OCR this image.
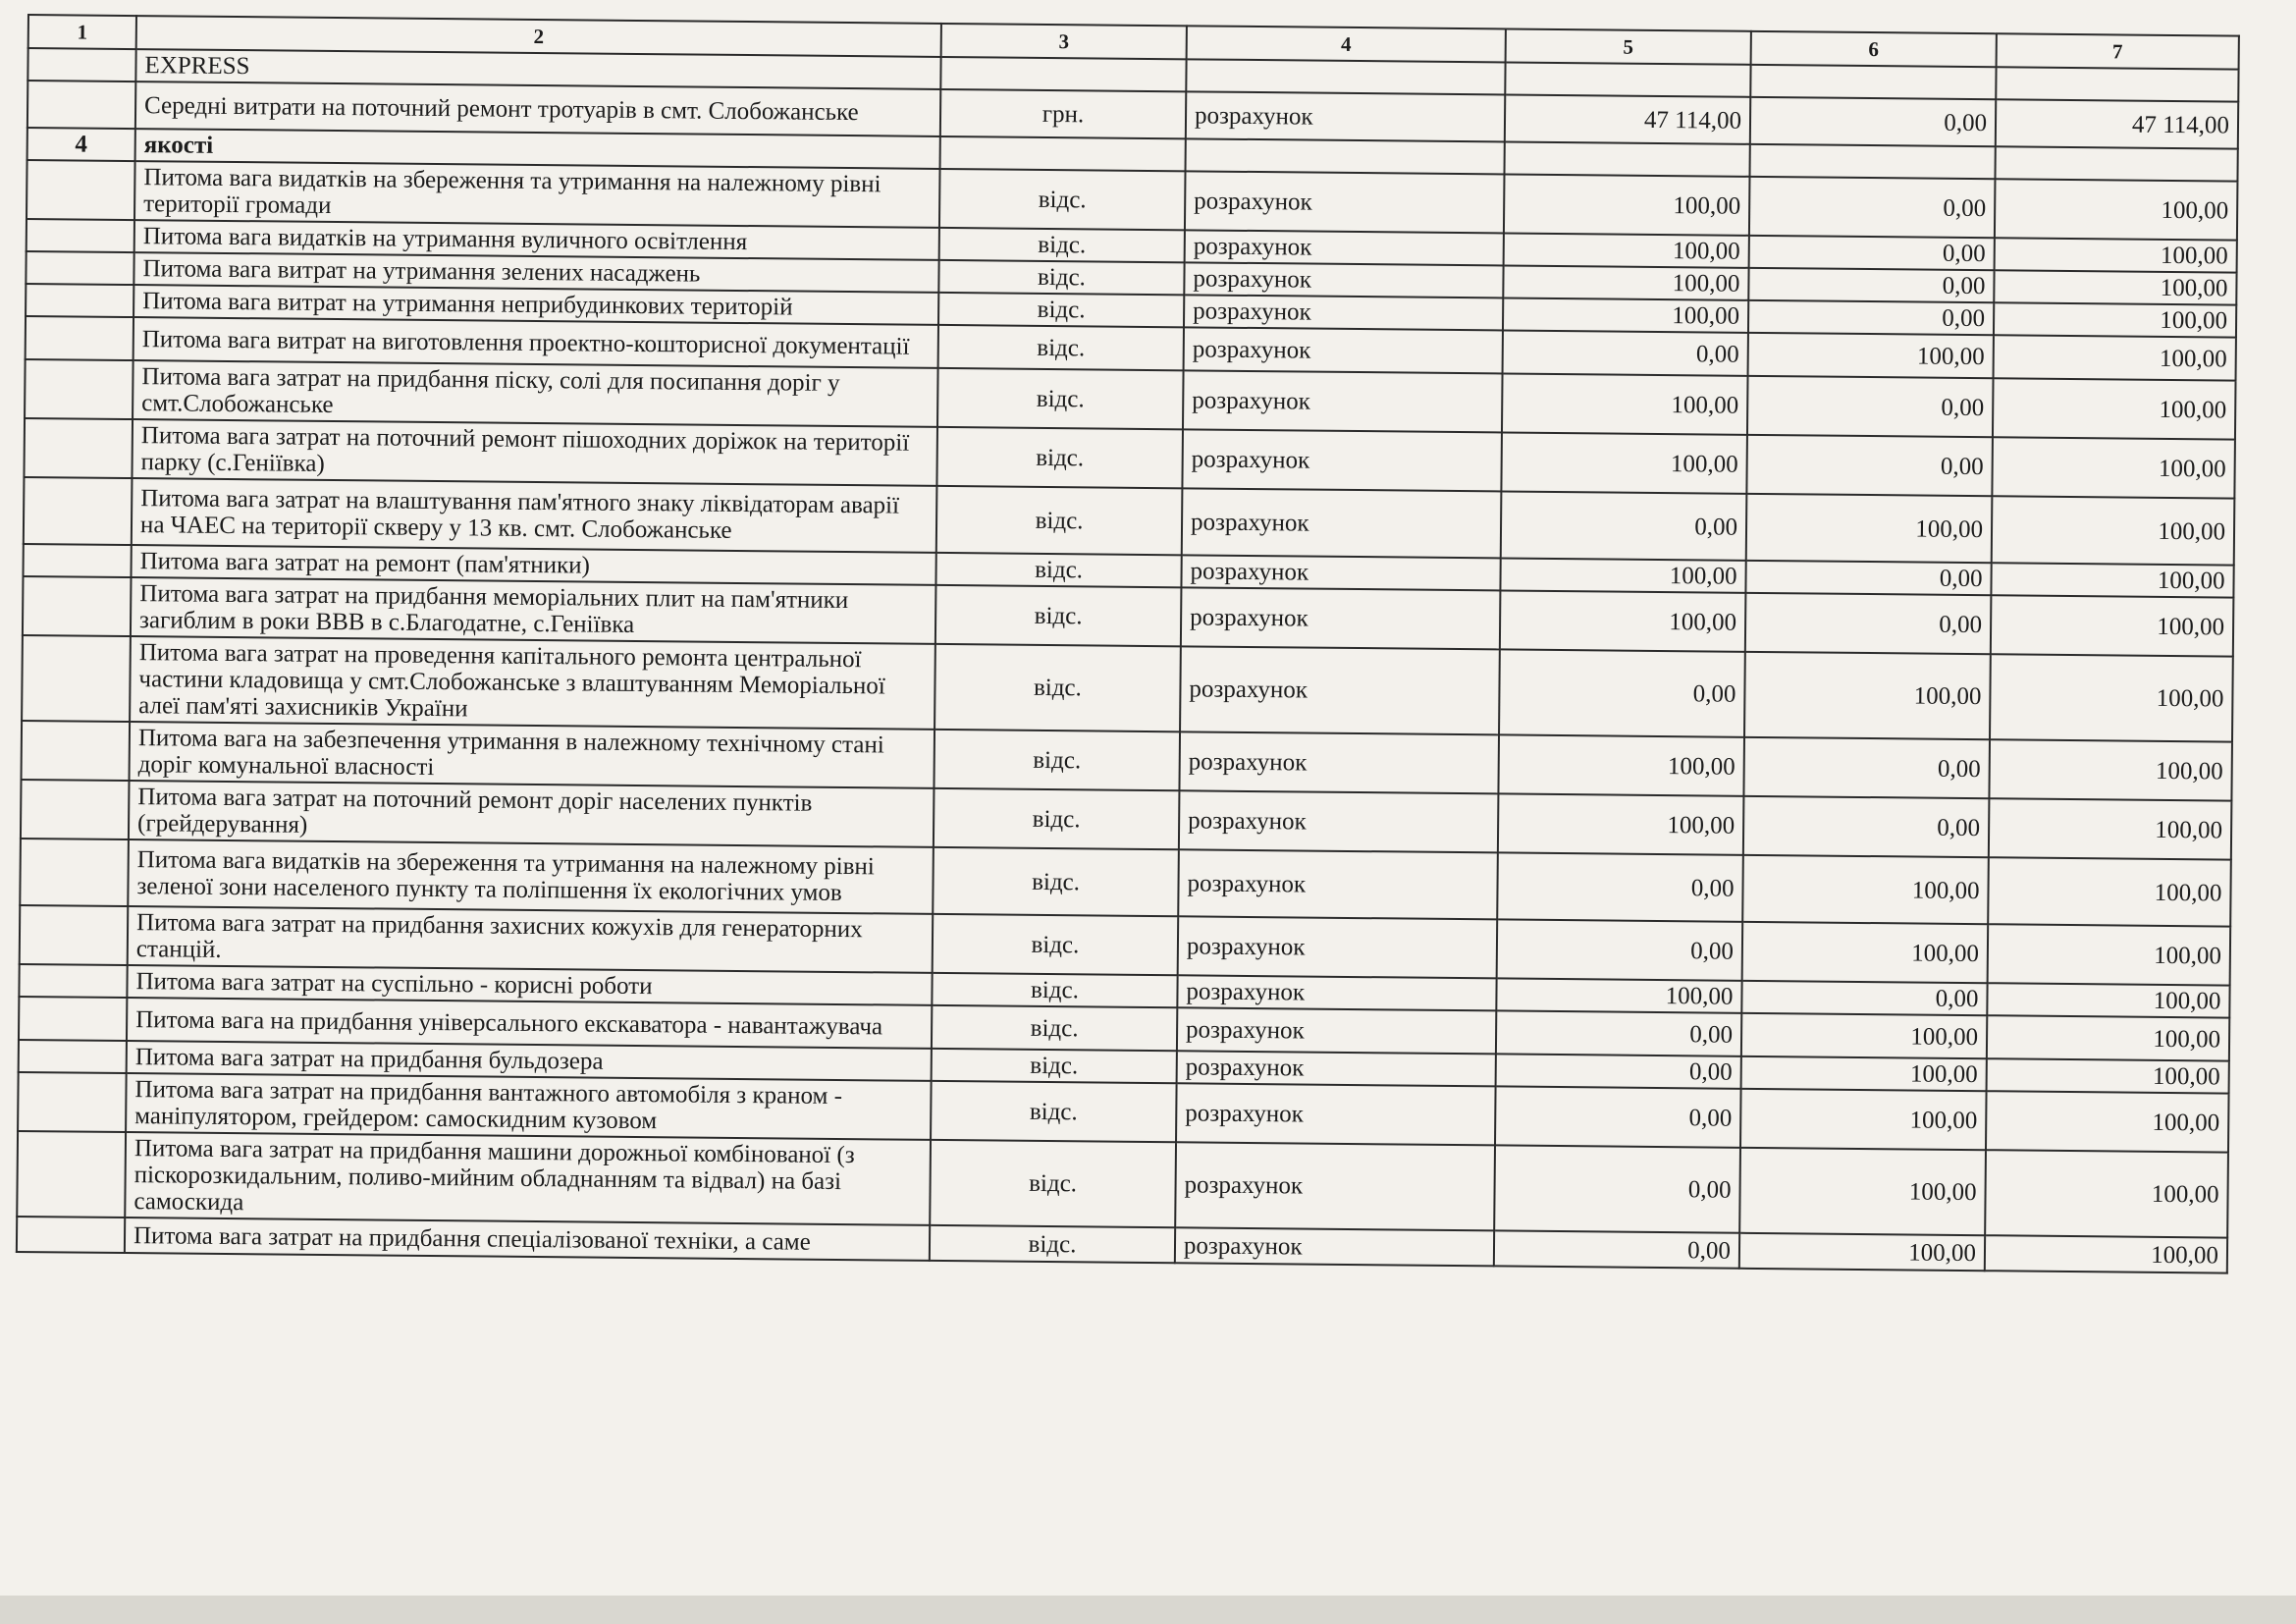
1	2	3	4	5	6	7
	EXPRESS					
	Середні витрати на поточний ремонт тротуарів в смт. Слобожанське	грн.	розрахунок	47 114,00	0,00	47 114,00
4	якості					
	Питома вага видатків на збереження та утримання на належному рівні території громади	відс.	розрахунок	100,00	0,00	100,00
	Питома вага видатків на утримання вуличного освітлення	відс.	розрахунок	100,00	0,00	100,00
	Питома вага витрат на утримання зелених насаджень	відс.	розрахунок	100,00	0,00	100,00
	Питома вага витрат на утримання неприбудинкових територій	відс.	розрахунок	100,00	0,00	100,00
	Питома вага витрат на виготовлення проектно-кошторисної документації	відс.	розрахунок	0,00	100,00	100,00
	Питома вага затрат на придбання піску, солі для посипання доріг у смт.Слобожанське	відс.	розрахунок	100,00	0,00	100,00
	Питома вага затрат на поточний ремонт пішоходних доріжок на території парку (с.Геніївка)	відс.	розрахунок	100,00	0,00	100,00
	Питома вага затрат на влаштування пам'ятного знаку ліквідаторам аварії на ЧАЕС на території скверу у 13 кв. смт. Слобожанське	відс.	розрахунок	0,00	100,00	100,00
	Питома вага затрат на ремонт (пам'ятники)	відс.	розрахунок	100,00	0,00	100,00
	Питома вага затрат на придбання меморіальних плит на пам'ятники загиблим в роки ВВВ в с.Благодатне, с.Геніївка	відс.	розрахунок	100,00	0,00	100,00
	Питома вага затрат на проведення капітального ремонта центральної частини кладовища у смт.Слобожанське з влаштуванням Меморіальної алеї пам'яті захисників України	відс.	розрахунок	0,00	100,00	100,00
	Питома вага на забезпечення утримання в належному технічному стані доріг комунальної власності	відс.	розрахунок	100,00	0,00	100,00
	Питома вага затрат на поточний ремонт доріг населених пунктів (грейдерування)	відс.	розрахунок	100,00	0,00	100,00
	Питома вага видатків на збереження та утримання на належному рівні зеленої зони населеного пункту та поліпшення їх екологічних умов	відс.	розрахунок	0,00	100,00	100,00
	Питома вага затрат на придбання захисних кожухів для генераторних станцій.	відс.	розрахунок	0,00	100,00	100,00
	Питома вага затрат на суспільно - корисні роботи	відс.	розрахунок	100,00	0,00	100,00
	Питома вага на придбання універсального екскаватора - навантажувача	відс.	розрахунок	0,00	100,00	100,00
	Питома вага затрат на придбання бульдозера	відс.	розрахунок	0,00	100,00	100,00
	Питома вага затрат на придбання вантажного автомобіля з краном - маніпулятором, грейдером: самоскидним кузовом	відс.	розрахунок	0,00	100,00	100,00
	Питома вага затрат на придбання машини дорожньої комбінованої (з піскорозкидальним, поливо-мийним обладнанням та відвал) на базі самоскида	відс.	розрахунок	0,00	100,00	100,00
	Питома вага затрат на придбання спеціалізованої техніки, а саме	відс.	розрахунок	0,00	100,00	100,00
